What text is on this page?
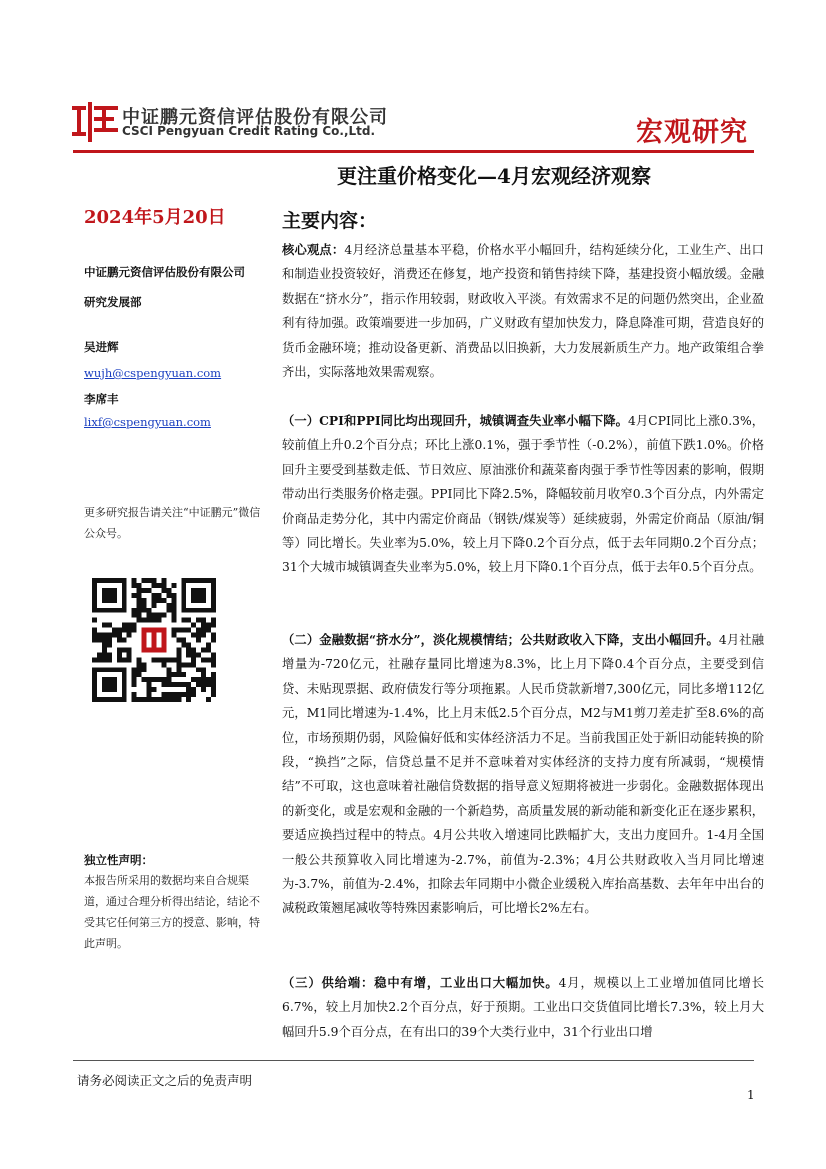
中证鹏元资信评估股份有限公司
CSCI Pengyuan Credit Rating Co.,Ltd.	宏观研究
更注重价格变化—4月宏观经济观察
2024年5月20日
中证鹏元资信评估股份有限公司
研究发展部
吴进辉
wujh@cspengyuan.com
李席丰
lixf@cspengyuan.com
更多研究报告请关注“中证鹏元”微信公众号。
独立性声明：
本报告所采用的数据均来自合规渠道，通过合理分析得出结论，结论不受其它任何第三方的授意、影响，特此声明。
主要内容：
核心观点：4月经济总量基本平稳，价格水平小幅回升，结构延续分化，工业生产、出口和制造业投资较好，消费还在修复，地产投资和销售持续下降，基建投资小幅放缓。金融数据在“挤水分”，指示作用较弱，财政收入平淡。有效需求不足的问题仍然突出，企业盈利有待加强。政策端要进一步加码，广义财政有望加快发力，降息降准可期，营造良好的货币金融环境；推动设备更新、消费品以旧换新，大力发展新质生产力。地产政策组合拳齐出，实际落地效果需观察。
（一）CPI和PPI同比均出现回升，城镇调查失业率小幅下降。4月CPI同比上涨0.3%，较前值上升0.2个百分点；环比上涨0.1%，强于季节性（-0.2%），前值下跌1.0%。价格回升主要受到基数走低、节日效应、原油涨价和蔬菜畜肉强于季节性等因素的影响，假期带动出行类服务价格走强。PPI同比下降2.5%，降幅较前月收窄0.3个百分点，内外需定价商品走势分化，其中内需定价商品（钢铁/煤炭等）延续疲弱，外需定价商品（原油/铜等）同比增长。失业率为5.0%，较上月下降0.2个百分点，低于去年同期0.2个百分点；31个大城市城镇调查失业率为5.0%，较上月下降0.1个百分点，低于去年0.5个百分点。
（二）金融数据“挤水分”，淡化规模情结；公共财政收入下降，支出小幅回升。4月社融增量为-720亿元，社融存量同比增速为8.3%，比上月下降0.4个百分点，主要受到信贷、未贴现票据、政府债发行等分项拖累。人民币贷款新增7,300亿元，同比多增112亿元，M1同比增速为-1.4%，比上月末低2.5个百分点，M2与M1剪刀差走扩至8.6%的高位，市场预期仍弱，风险偏好低和实体经济活力不足。当前我国正处于新旧动能转换的阶段，“换挡”之际，信贷总量不足并不意味着对实体经济的支持力度有所减弱，“规模情结”不可取，这也意味着社融信贷数据的指导意义短期将被进一步弱化。金融数据体现出的新变化，或是宏观和金融的一个新趋势，高质量发展的新动能和新变化正在逐步累积，要适应换挡过程中的特点。4月公共收入增速同比跌幅扩大，支出力度回升。1-4月全国一般公共预算收入同比增速为-2.7%，前值为-2.3%；4月公共财政收入当月同比增速为-3.7%，前值为-2.4%，扣除去年同期中小微企业缓税入库抬高基数、去年年中出台的减税政策翘尾减收等特殊因素影响后，可比增长2%左右。
（三）供给端：稳中有增，工业出口大幅加快。4月，规模以上工业增加值同比增长6.7%，较上月加快2.2个百分点，好于预期。工业出口交货值同比增长7.3%，较上月大幅回升5.9个百分点，在有出口的39个大类行业中，31个行业出口增
请务必阅读正文之后的免责声明
1
